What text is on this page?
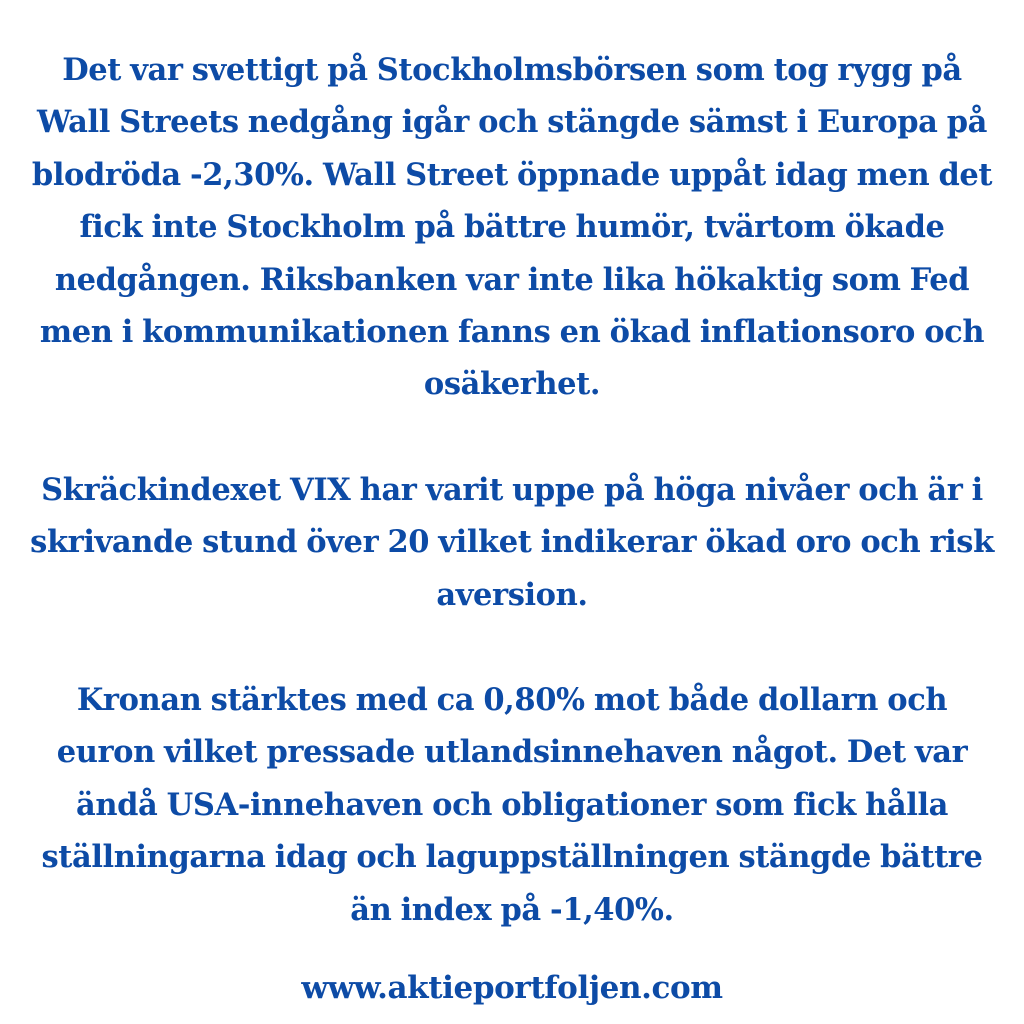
Det var svettigt på Stockholmsbörsen som tog rygg på Wall Streets nedgång igår och stängde sämst i Europa på blodröda -2,30%. Wall Street öppnade uppåt idag men det fick inte Stockholm på bättre humör, tvärtom ökade nedgången. Riksbanken var inte lika hökaktig som Fed men i kommunikationen fanns en ökad inflationsoro och osäkerhet.

Skräckindexet VIX har varit uppe på höga nivåer och är i skrivande stund över 20 vilket indikerar ökad oro och risk aversion.

Kronan stärktes med ca 0,80% mot både dollarn och euron vilket pressade utlandsinnehaven något. Det var ändå USA-innehaven och obligationer som fick hålla ställningarna idag och laguppställningen stängde bättre än index på -1,40%.

www.aktieportfoljen.com
